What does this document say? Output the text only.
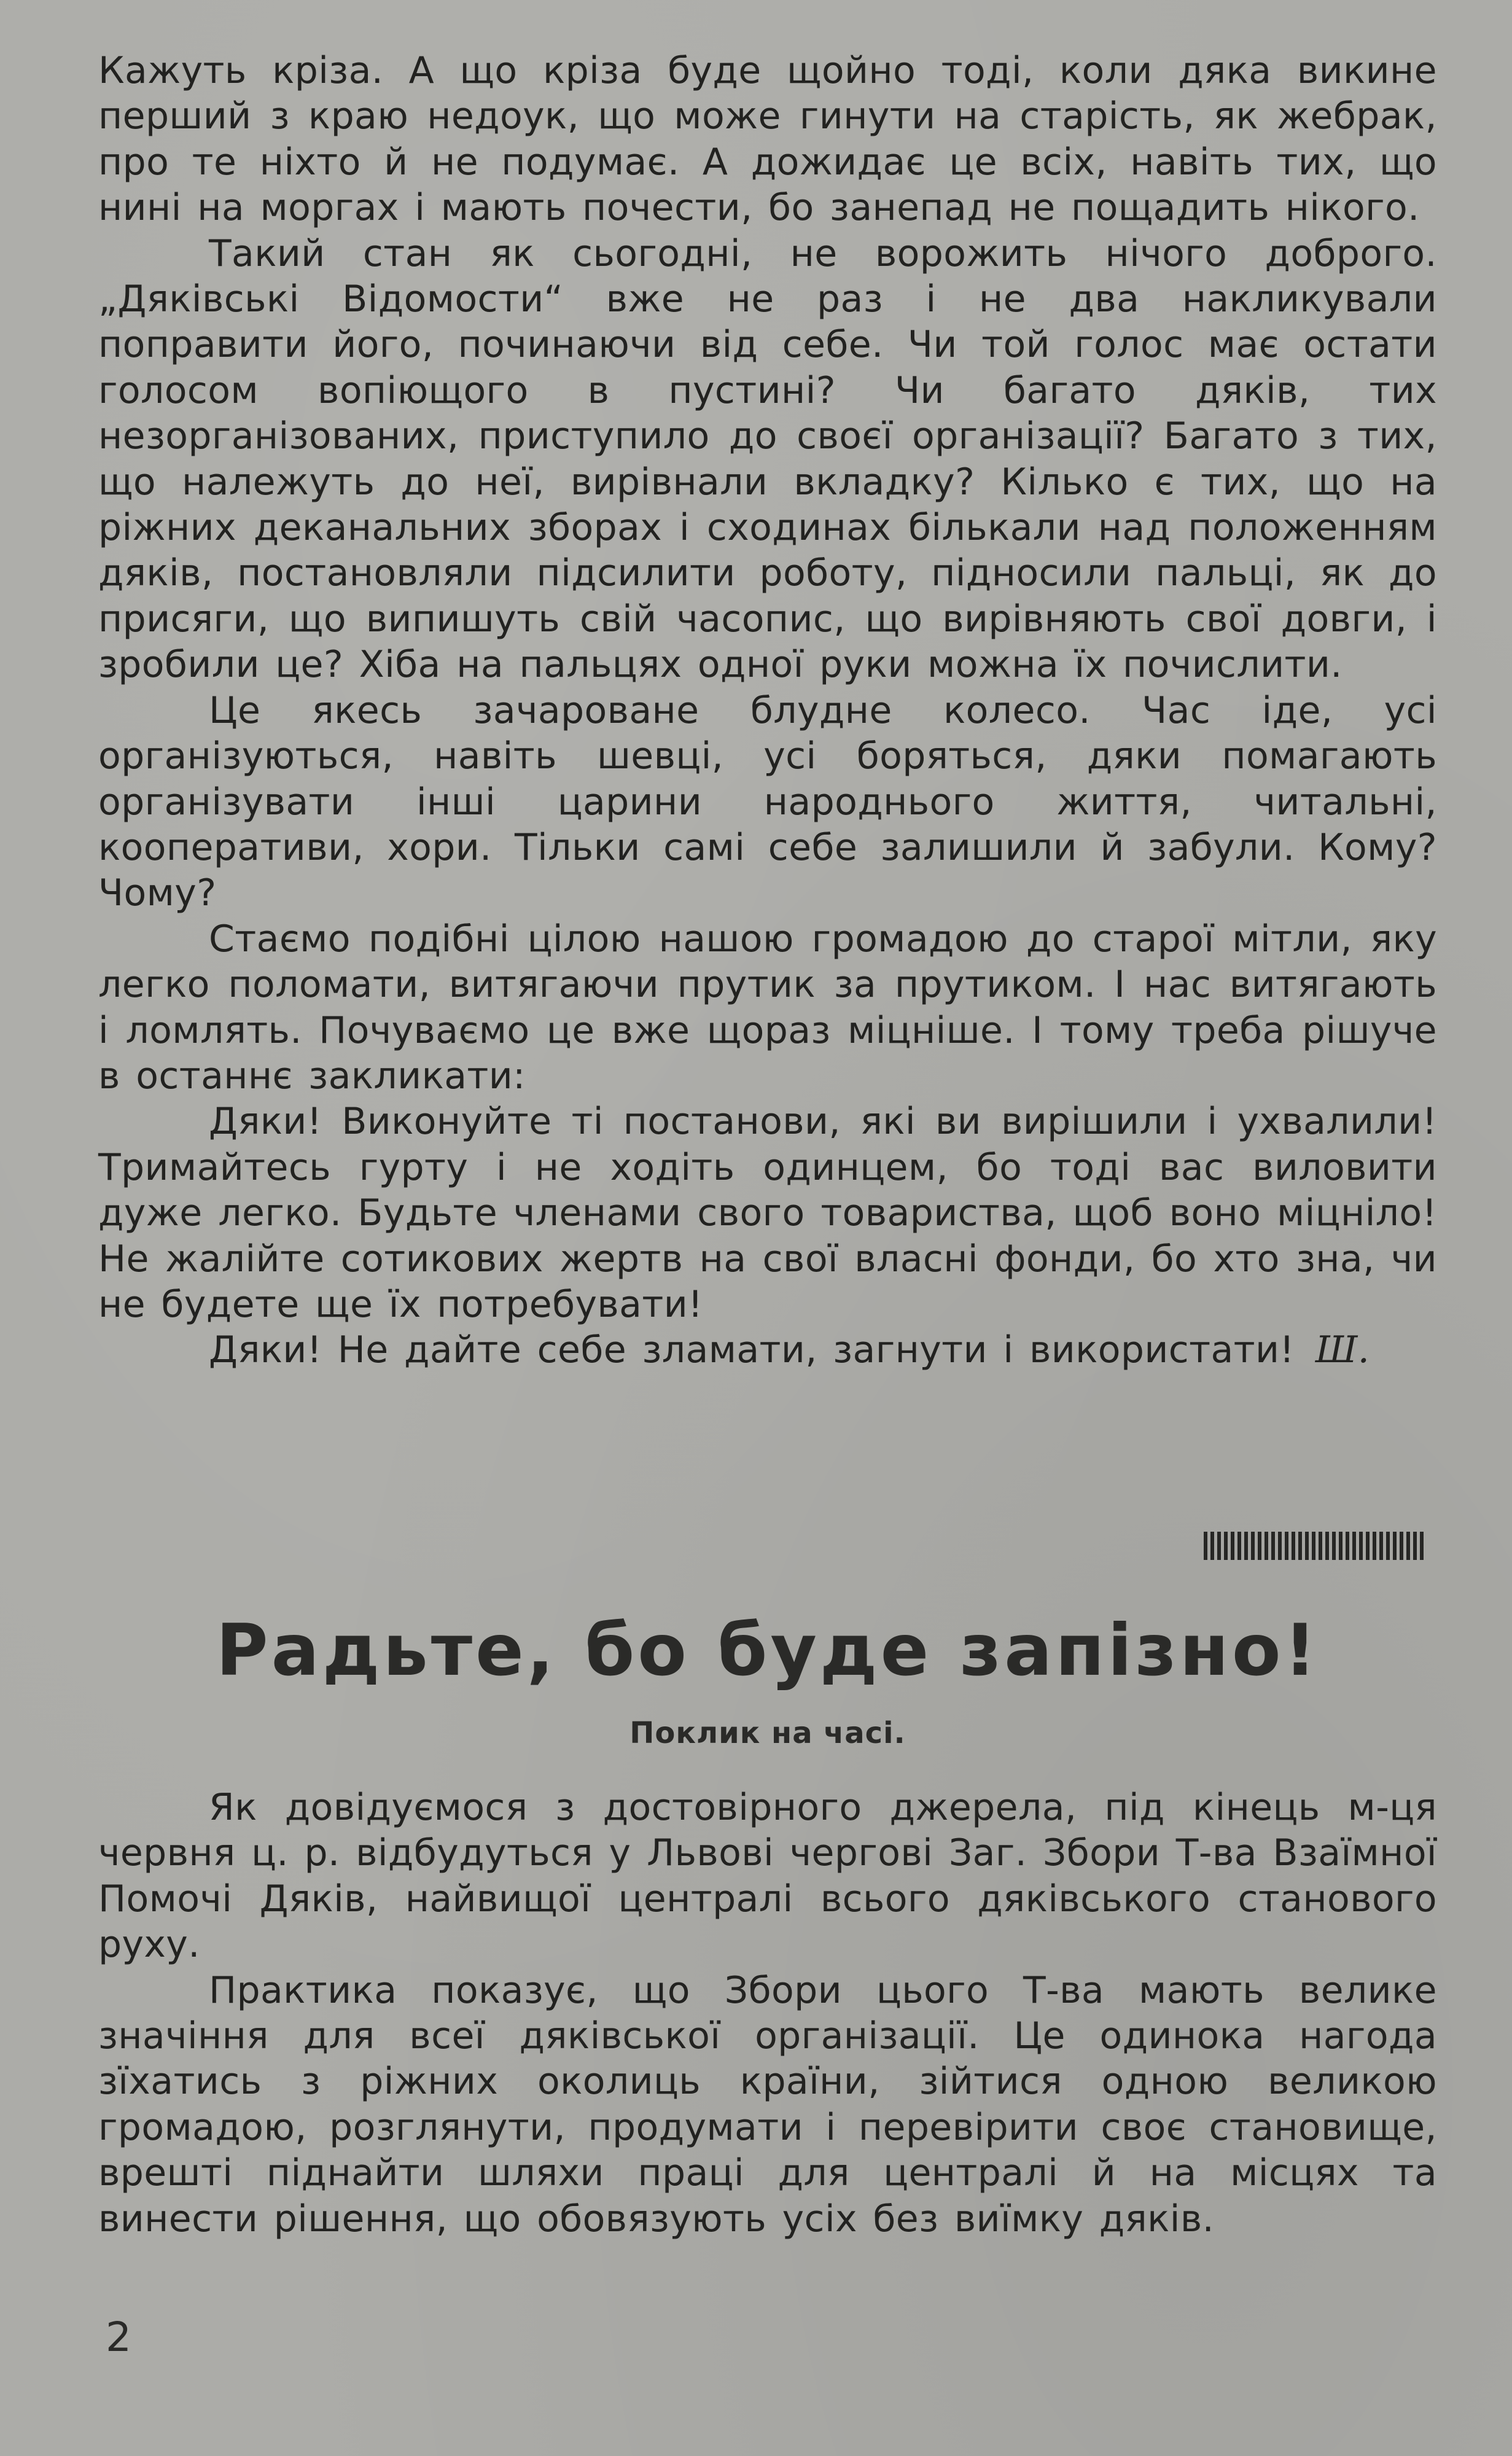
Кажуть кріза. А що кріза буде щойно тоді, коли дяка викине перший з краю недоук, що може гинути на старість, як жебрак, про те ніхто й не подумає. А дожидає це всіх, навіть тих, що нині на моргах і мають почести, бо занепад не пощадить нікого.

Такий стан як сьогодні, не ворожить нічого доброго. „Дяківські Відомости“ вже не раз і не два накликували поправити його, починаючи від себе. Чи той голос має остати голосом вопіющого в пустині? Чи багато дяків, тих незорганізованих, приступило до своєї організації? Багато з тих, що належуть до неї, вирівнали вкладку? Кілько є тих, що на ріжних деканальних зборах і сходинах бількали над положенням дяків, постановляли підсилити роботу, підносили пальці, як до присяги, що випишуть свій часопис, що вирівняють свої довги, і зробили це? Хіба на пальцях одної руки можна їх почислити.

Це якесь зачароване блудне колесо. Час іде, усі організуються, навіть шевці, усі боряться, дяки помагають організувати інші царини народнього життя, читальні, кооперативи, хори. Тільки самі себе залишили й забули. Кому? Чому?

Стаємо подібні цілою нашою громадою до старої мітли, яку легко поломати, витягаючи прутик за прутиком. І нас витягають і ломлять. Почуваємо це вже щораз міцніше. І тому треба рішуче в останнє закликати:

Дяки! Виконуйте ті постанови, які ви вирішили і ухвалили! Тримайтесь гурту і не ходіть одинцем, бо тоді вас виловити дуже легко. Будьте членами свого товариства, щоб воно міцніло! Не жалійте сотикових жертв на свої власні фонди, бо хто зна, чи не будете ще їх потребувати!

Дяки! Не дайте себе зламати, загнути і використати! Ш.

Радьте, бо буде запізно!
Поклик на часі.

Як довідуємося з достовірного джерела, під кінець м-ця червня ц. р. відбудуться у Львові чергові Заг. Збори Т-ва Взаїмної Помочі Дяків, найвищої централі всього дяківського станового руху.

Практика показує, що Збори цього Т-ва мають велике значіння для всеї дяківської організації. Це одинока нагода зїхатись з ріжних околиць країни, зійтися одною великою громадою, розглянути, продумати і перевірити своє становище, врешті піднайти шляхи праці для централі й на місцях та винести рішення, що обовязують усіх без виїмку дяків.

2
